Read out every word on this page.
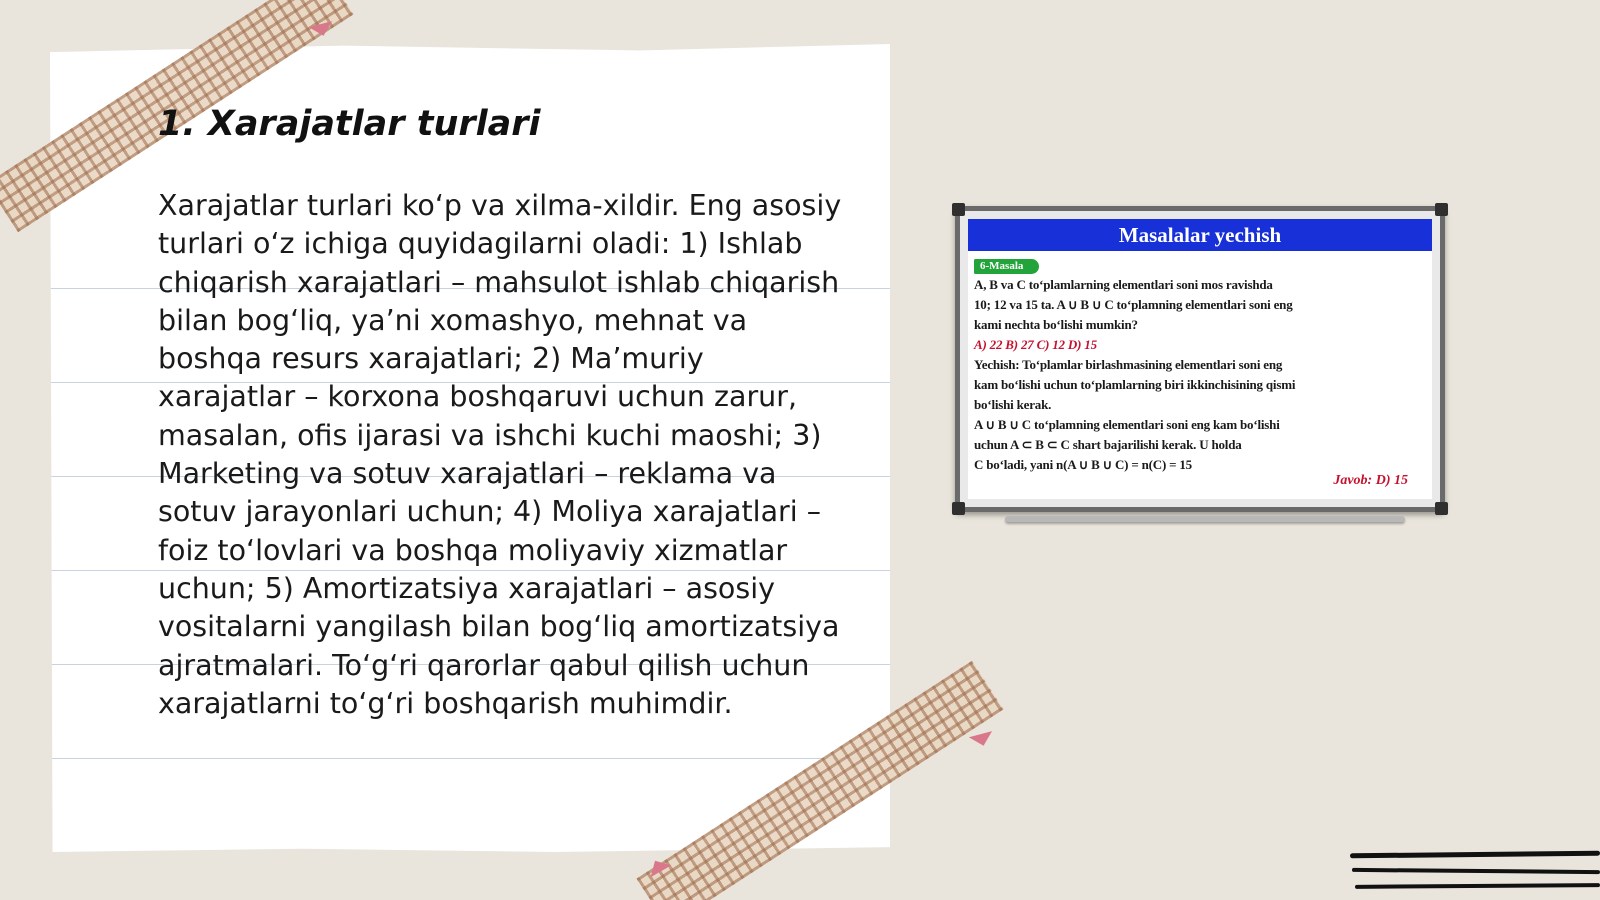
1. Xarajatlar turlari

Xarajatlar turlari ko‘p va xilma-xildir. Eng asosiy turlari o‘z ichiga quyidagilarni oladi: 1) Ishlab chiqarish xarajatlari – mahsulot ishlab chiqarish bilan bog‘liq, ya’ni xomashyo, mehnat va boshqa resurs xarajatlari; 2) Ma’muriy xarajatlar – korxona boshqaruvi uchun zarur, masalan, ofis ijarasi va ishchi kuchi maoshi; 3) Marketing va sotuv xarajatlari – reklama va sotuv jarayonlari uchun; 4) Moliya xarajatlari – foiz to‘lovlari va boshqa moliyaviy xizmatlar uchun; 5) Amortizatsiya xarajatlari – asosiy vositalarni yangilash bilan bog‘liq amortizatsiya ajratmalari. To‘g‘ri qarorlar qabul qilish uchun xarajatlarni to‘g‘ri boshqarish muhimdir.

Masalalar yechish
6-Masala
A, B va C to‘plamlarning elementlari soni mos ravishda
10; 12 va 15 ta. A ∪ B ∪ C to‘plamning elementlari soni eng
kami nechta bo‘lishi mumkin?
A) 22 B) 27 C) 12 D) 15
Yechish: To‘plamlar birlashmasining elementlari soni eng
kam bo‘lishi uchun to‘plamlarning biri ikkinchisining qismi
bo‘lishi kerak.
A ∪ B ∪ C to‘plamning elementlari soni eng kam bo‘lishi
uchun A ⊂ B ⊂ C shart bajarilishi kerak. U holda
C bo‘ladi, yani n(A ∪ B ∪ C) = n(C) = 15
Javob: D) 15
